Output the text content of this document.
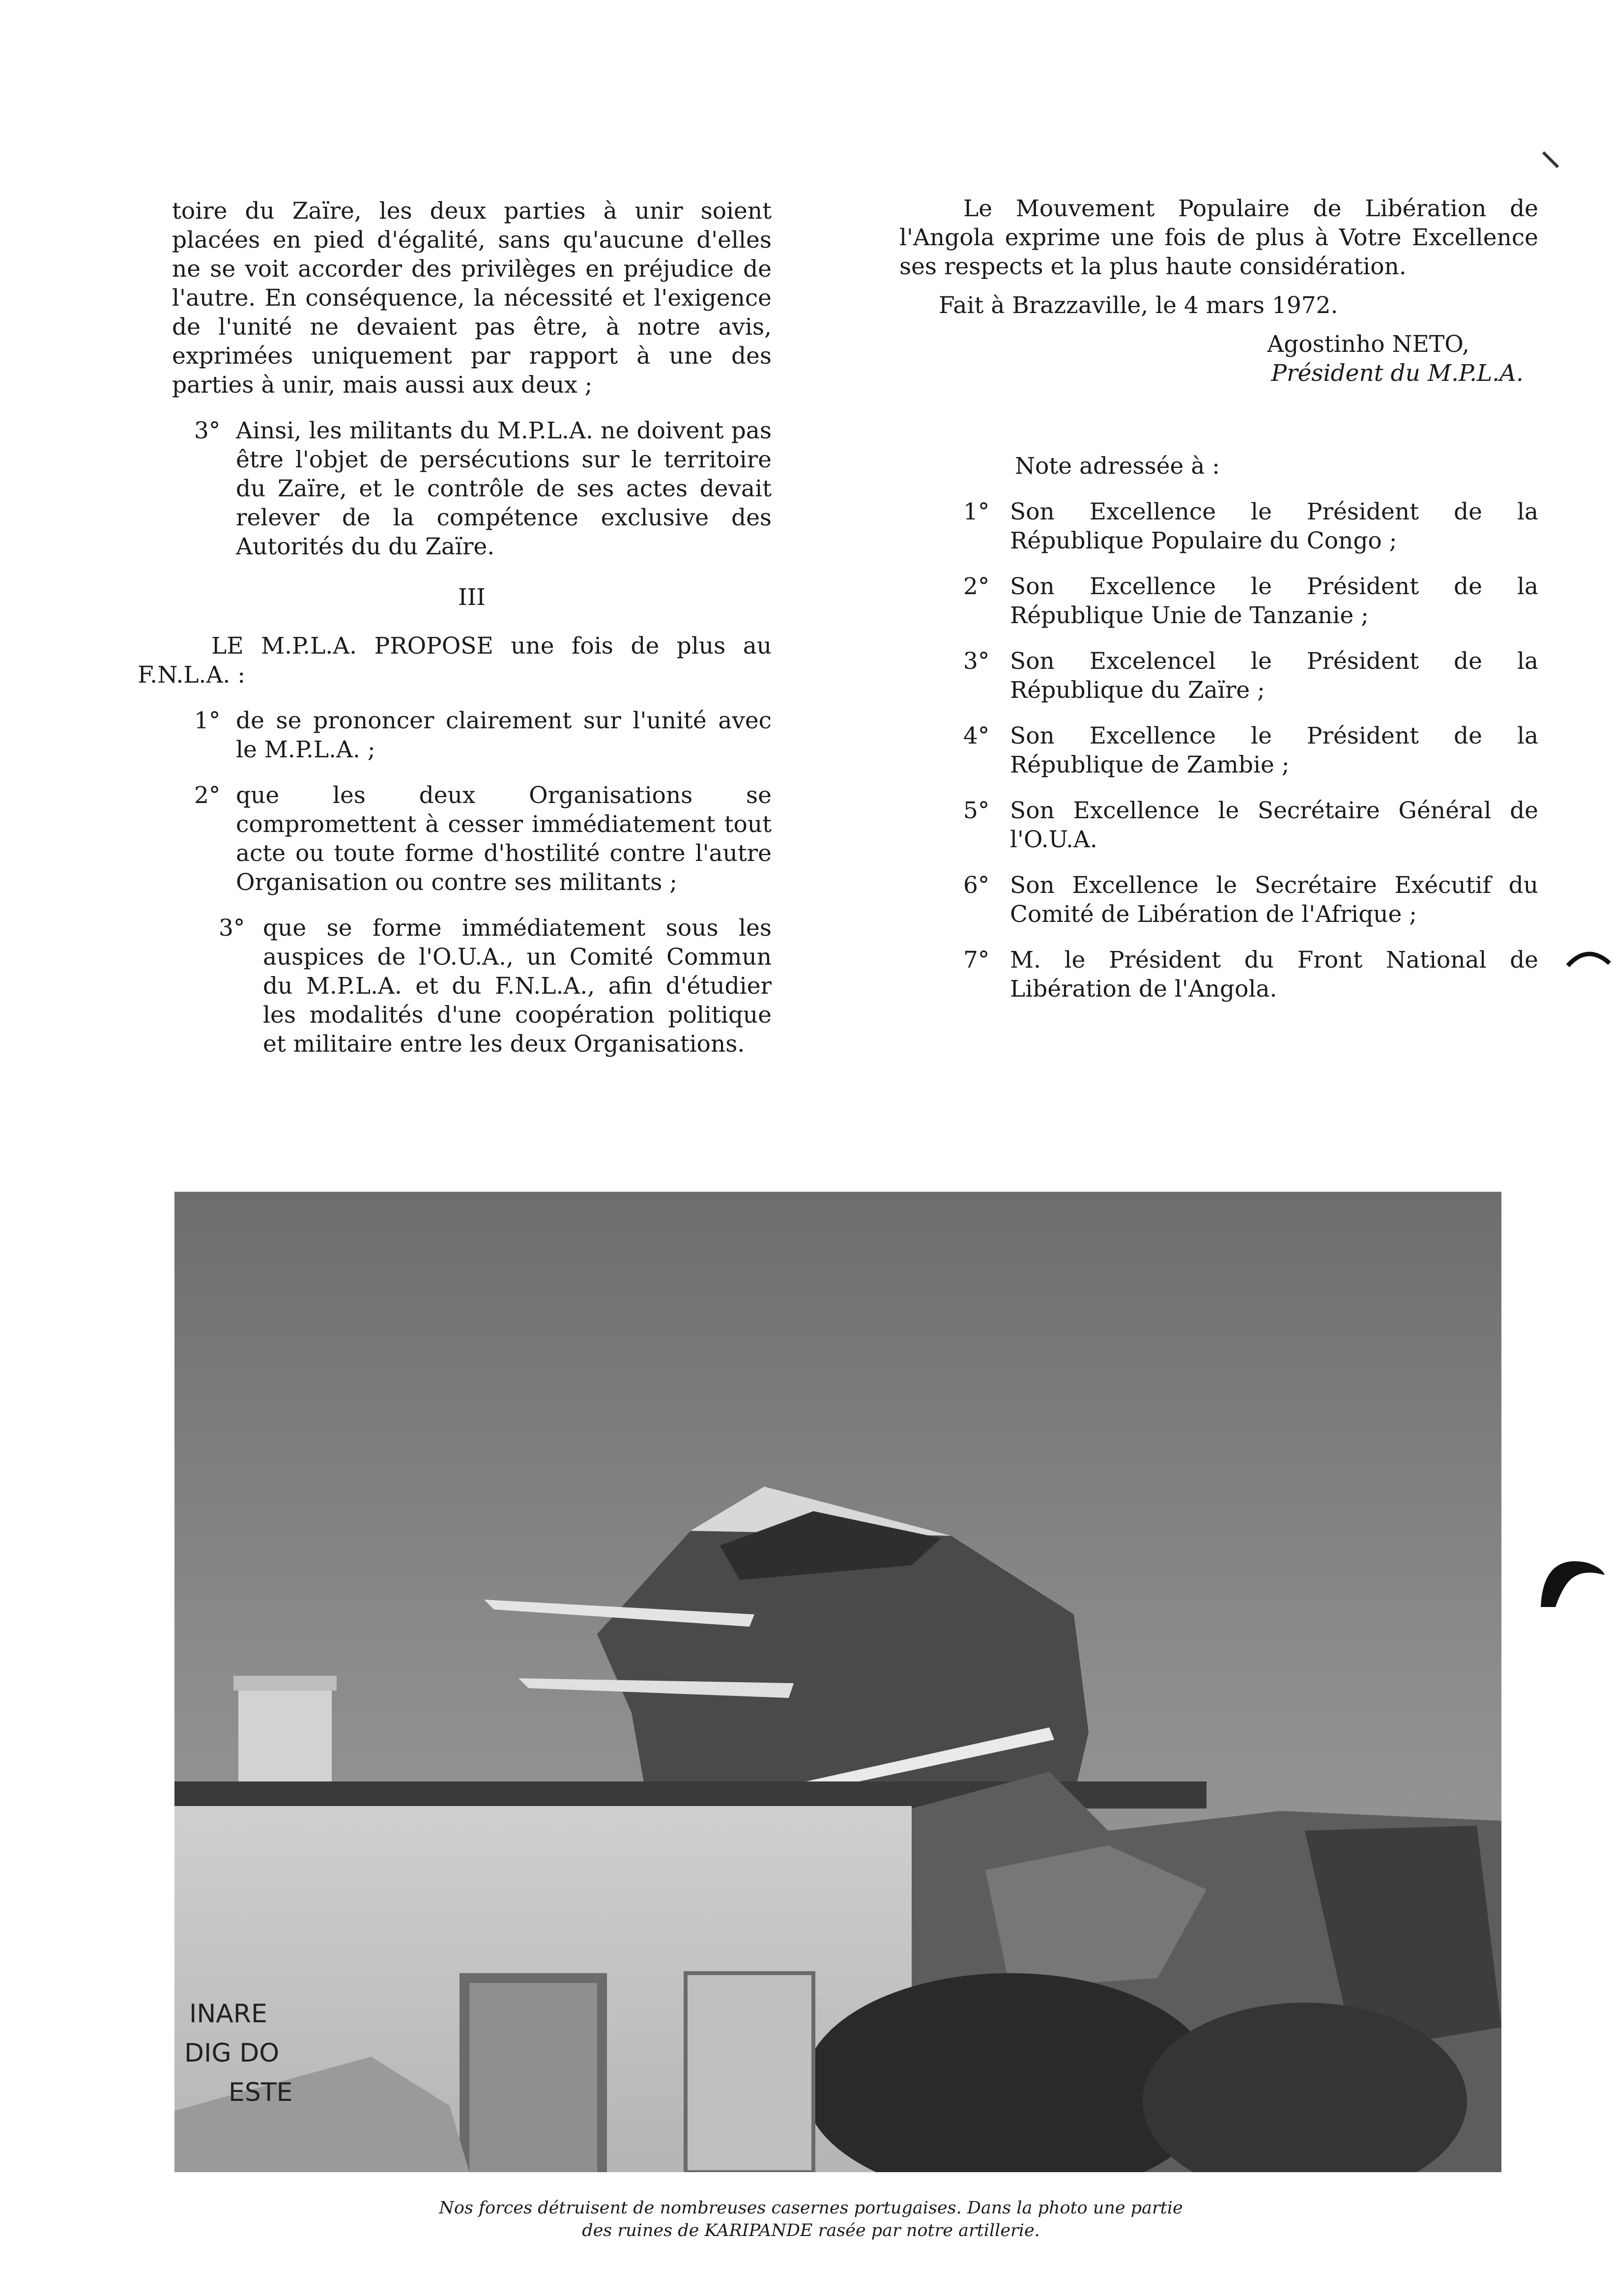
toire du Zaïre, les deux parties à unir soient placées en pied d'égalité, sans qu'aucune d'elles ne se voit accorder des privilèges en préjudice de l'autre. En conséquence, la nécessité et l'exigence de l'unité ne devaient pas être, à notre avis, exprimées uniquement par rapport à une des parties à unir, mais aussi aux deux ;

3° Ainsi, les militants du M.P.L.A. ne doivent pas être l'objet de persécutions sur le territoire du Zaïre, et le contrôle de ses actes devait relever de la compétence exclusive des Autorités du du Zaïre.

III

LE M.P.L.A. PROPOSE une fois de plus au F.N.L.A. :

1° de se prononcer clairement sur l'unité avec le M.P.L.A. ;

2° que les deux Organisations se compromettent à cesser immédiatement tout acte ou toute forme d'hostilité contre l'autre Organisation ou contre ses militants ;

3° que se forme immédiatement sous les auspices de l'O.U.A., un Comité Commun du M.P.L.A. et du F.N.L.A., afin d'étudier les modalités d'une coopération politique et militaire entre les deux Organisations.

Le Mouvement Populaire de Libération de l'Angola exprime une fois de plus à Votre Excellence ses respects et la plus haute considération.

Fait à Brazzaville, le 4 mars 1972.

Agostinho NETO,
Président du M.P.L.A.

Note adressée à :

1° Son Excellence le Président de la République Populaire du Congo ;

2° Son Excellence le Président de la République Unie de Tanzanie ;

3° Son Excelencel le Président de la République du Zaïre ;

4° Son Excellence le Président de la République de Zambie ;

5° Son Excellence le Secrétaire Général de l'O.U.A.

6° Son Excellence le Secrétaire Exécutif du Comité de Libération de l'Afrique ;

7° M. le Président du Front National de Libération de l'Angola.

INARE
DIG DO
ESTE
Nos forces détruisent de nombreuses casernes portugaises. Dans la photo une partie
des ruines de KARIPANDE rasée par notre artillerie.
